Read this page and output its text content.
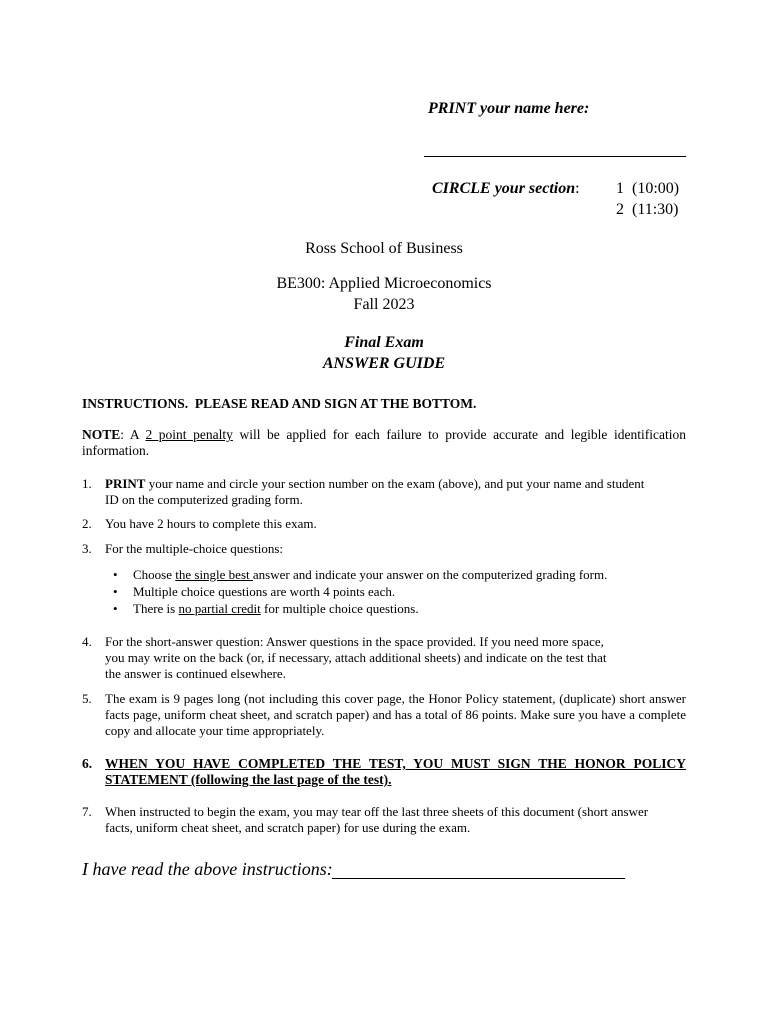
PRINT your name here:
CIRCLE your section: 1  (10:00)
2  (11:30)
Ross School of Business
BE300: Applied Microeconomics
Fall 2023
Final Exam
ANSWER GUIDE
INSTRUCTIONS.  PLEASE READ AND SIGN AT THE BOTTOM.
NOTE: A 2 point penalty will be applied for each failure to provide accurate and legible identification information.
1. PRINT your name and circle your section number on the exam (above), and put your name and student
ID on the computerized grading form.
2. You have 2 hours to complete this exam.
3. For the multiple-choice questions:
• Choose the single best answer and indicate your answer on the computerized grading form.
• Multiple choice questions are worth 4 points each.
• There is no partial credit for multiple choice questions.
4. For the short-answer question: Answer questions in the space provided. If you need more space,
you may write on the back (or, if necessary, attach additional sheets) and indicate on the test that
the answer is continued elsewhere.
5. The exam is 9 pages long (not including this cover page, the Honor Policy statement, (duplicate) short answer facts page, uniform cheat sheet, and scratch paper) and has a total of 86 points. Make sure you have a complete copy and allocate your time appropriately.
6. WHEN YOU HAVE COMPLETED THE TEST, YOU MUST SIGN THE HONOR POLICY STATEMENT (following the last page of the test).
7. When instructed to begin the exam, you may tear off the last three sheets of this document (short answer
facts, uniform cheat sheet, and scratch paper) for use during the exam.
I have read the above instructions:
